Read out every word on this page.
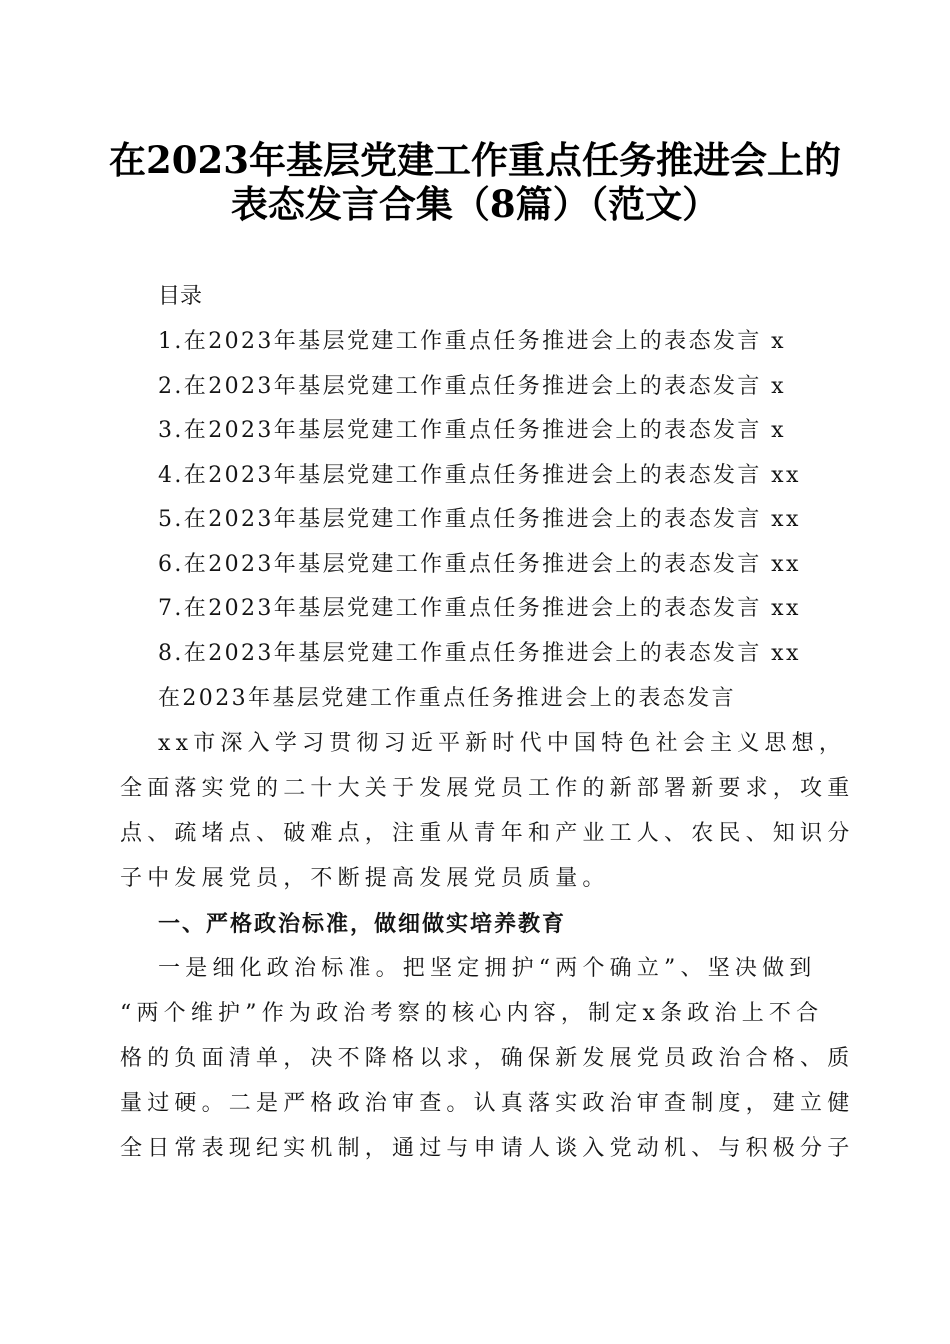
在2023年基层党建工作重点任务推进会上的
表态发言合集（8篇）（范文）
目录
1.在2023年基层党建工作重点任务推进会上的表态发言 x
2.在2023年基层党建工作重点任务推进会上的表态发言 x
3.在2023年基层党建工作重点任务推进会上的表态发言 x
4.在2023年基层党建工作重点任务推进会上的表态发言 xx
5.在2023年基层党建工作重点任务推进会上的表态发言 xx
6.在2023年基层党建工作重点任务推进会上的表态发言 xx
7.在2023年基层党建工作重点任务推进会上的表态发言 xx
8.在2023年基层党建工作重点任务推进会上的表态发言 xx
在2023年基层党建工作重点任务推进会上的表态发言
xx市深入学习贯彻习近平新时代中国特色社会主义思想，
全面落实党的二十大关于发展党员工作的新部署新要求，攻重
点、疏堵点、破难点，注重从青年和产业工人、农民、知识分
子中发展党员，不断提高发展党员质量。
一、严格政治标准，做细做实培养教育
一是细化政治标准。把坚定拥护“两个确立”、坚决做到
“两个维护”作为政治考察的核心内容，制定x条政治上不合
格的负面清单，决不降格以求，确保新发展党员政治合格、质
量过硬。二是严格政治审查。认真落实政治审查制度，建立健
全日常表现纪实机制，通过与申请人谈入党动机、与积极分子
